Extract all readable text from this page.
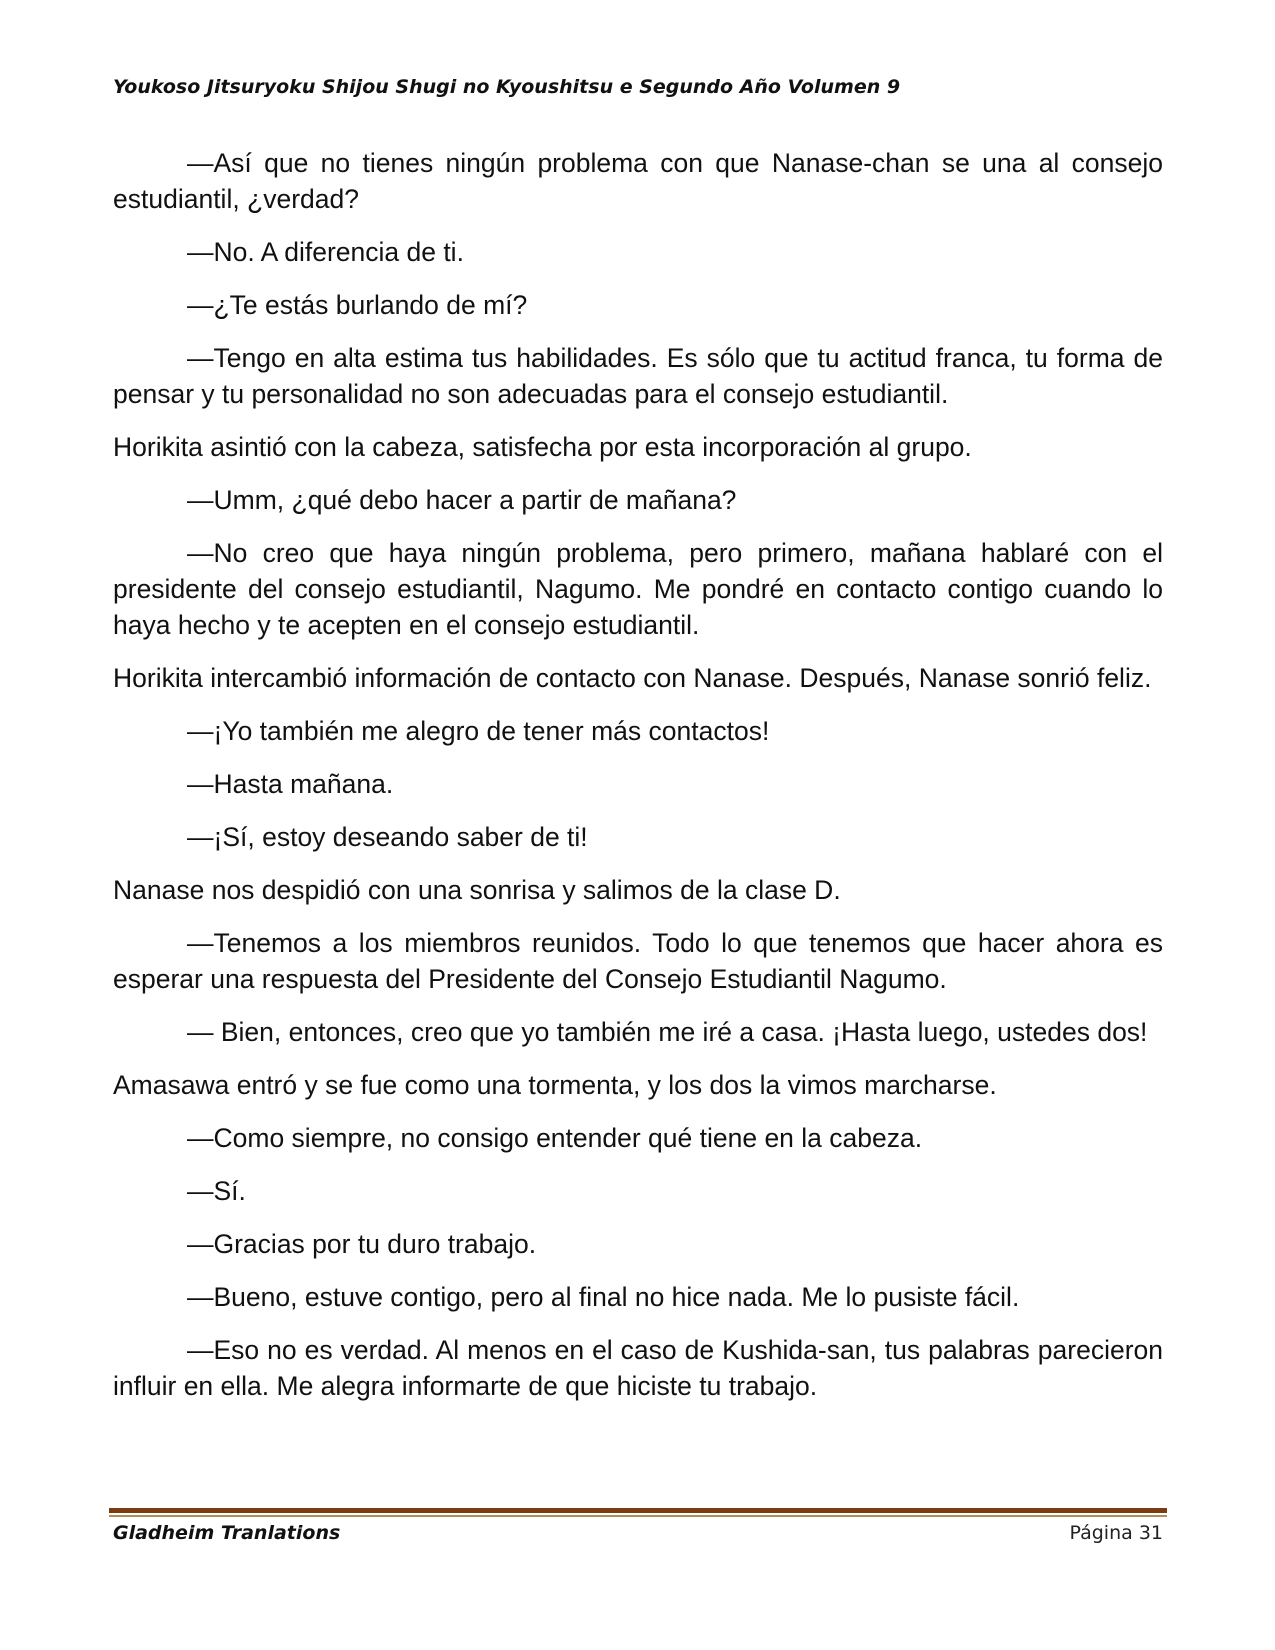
Youkoso Jitsuryoku Shijou Shugi no Kyoushitsu e Segundo Año Volumen 9

—Así que no tienes ningún problema con que Nanase-chan se una al consejo estudiantil, ¿verdad?

—No. A diferencia de ti.

—¿Te estás burlando de mí?

—Tengo en alta estima tus habilidades. Es sólo que tu actitud franca, tu forma de pensar y tu personalidad no son adecuadas para el consejo estudiantil.

Horikita asintió con la cabeza, satisfecha por esta incorporación al grupo.

—Umm, ¿qué debo hacer a partir de mañana?

—No creo que haya ningún problema, pero primero, mañana hablaré con el presidente del consejo estudiantil, Nagumo. Me pondré en contacto contigo cuando lo haya hecho y te acepten en el consejo estudiantil.

Horikita intercambió información de contacto con Nanase. Después, Nanase sonrió feliz.

—¡Yo también me alegro de tener más contactos!

—Hasta mañana.

—¡Sí, estoy deseando saber de ti!

Nanase nos despidió con una sonrisa y salimos de la clase D.

—Tenemos a los miembros reunidos. Todo lo que tenemos que hacer ahora es esperar una respuesta del Presidente del Consejo Estudiantil Nagumo.

— Bien, entonces, creo que yo también me iré a casa. ¡Hasta luego, ustedes dos!

Amasawa entró y se fue como una tormenta, y los dos la vimos marcharse.

—Como siempre, no consigo entender qué tiene en la cabeza.

—Sí.

—Gracias por tu duro trabajo.

—Bueno, estuve contigo, pero al final no hice nada. Me lo pusiste fácil.

—Eso no es verdad. Al menos en el caso de Kushida-san, tus palabras parecieron influir en ella. Me alegra informarte de que hiciste tu trabajo.

Gladheim Tranlations	Página 31
